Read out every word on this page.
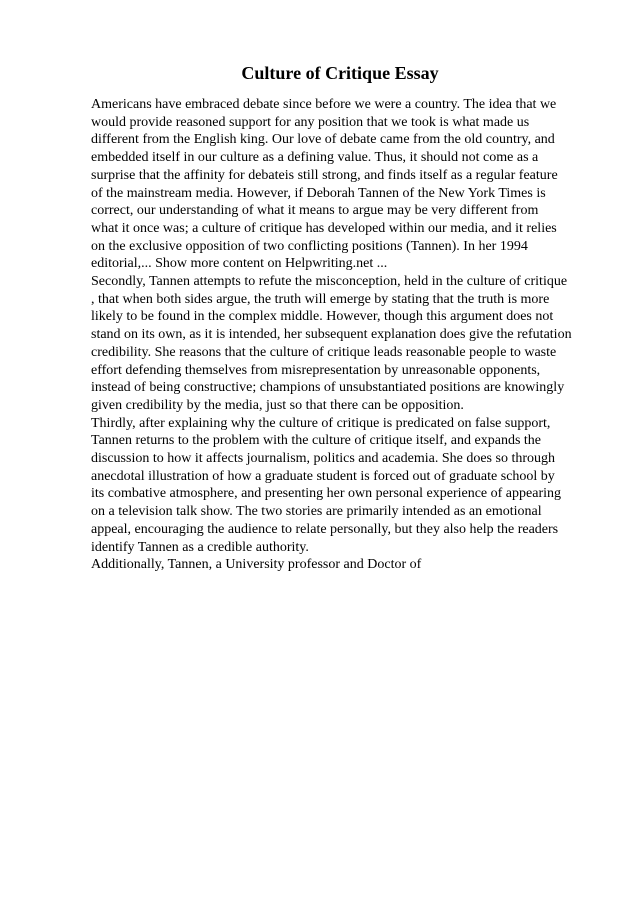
Culture of Critique Essay
Americans have embraced debate since before we were a country. The idea that we
would provide reasoned support for any position that we took is what made us
different from the English king. Our love of debate came from the old country, and
embedded itself in our culture as a defining value. Thus, it should not come as a
surprise that the affinity for debateis still strong, and finds itself as a regular feature
of the mainstream media. However, if Deborah Tannen of the New York Times is
correct, our understanding of what it means to argue may be very different from
what it once was; a culture of critique has developed within our media, and it relies
on the exclusive opposition of two conflicting positions (Tannen). In her 1994
editorial,... Show more content on Helpwriting.net ...
Secondly, Tannen attempts to refute the misconception, held in the culture of critique
, that when both sides argue, the truth will emerge by stating that the truth is more
likely to be found in the complex middle. However, though this argument does not
stand on its own, as it is intended, her subsequent explanation does give the refutation
credibility. She reasons that the culture of critique leads reasonable people to waste
effort defending themselves from misrepresentation by unreasonable opponents,
instead of being constructive; champions of unsubstantiated positions are knowingly
given credibility by the media, just so that there can be opposition.
Thirdly, after explaining why the culture of critique is predicated on false support,
Tannen returns to the problem with the culture of critique itself, and expands the
discussion to how it affects journalism, politics and academia. She does so through
anecdotal illustration of how a graduate student is forced out of graduate school by
its combative atmosphere, and presenting her own personal experience of appearing
on a television talk show. The two stories are primarily intended as an emotional
appeal, encouraging the audience to relate personally, but they also help the readers
identify Tannen as a credible authority.
Additionally, Tannen, a University professor and Doctor of
